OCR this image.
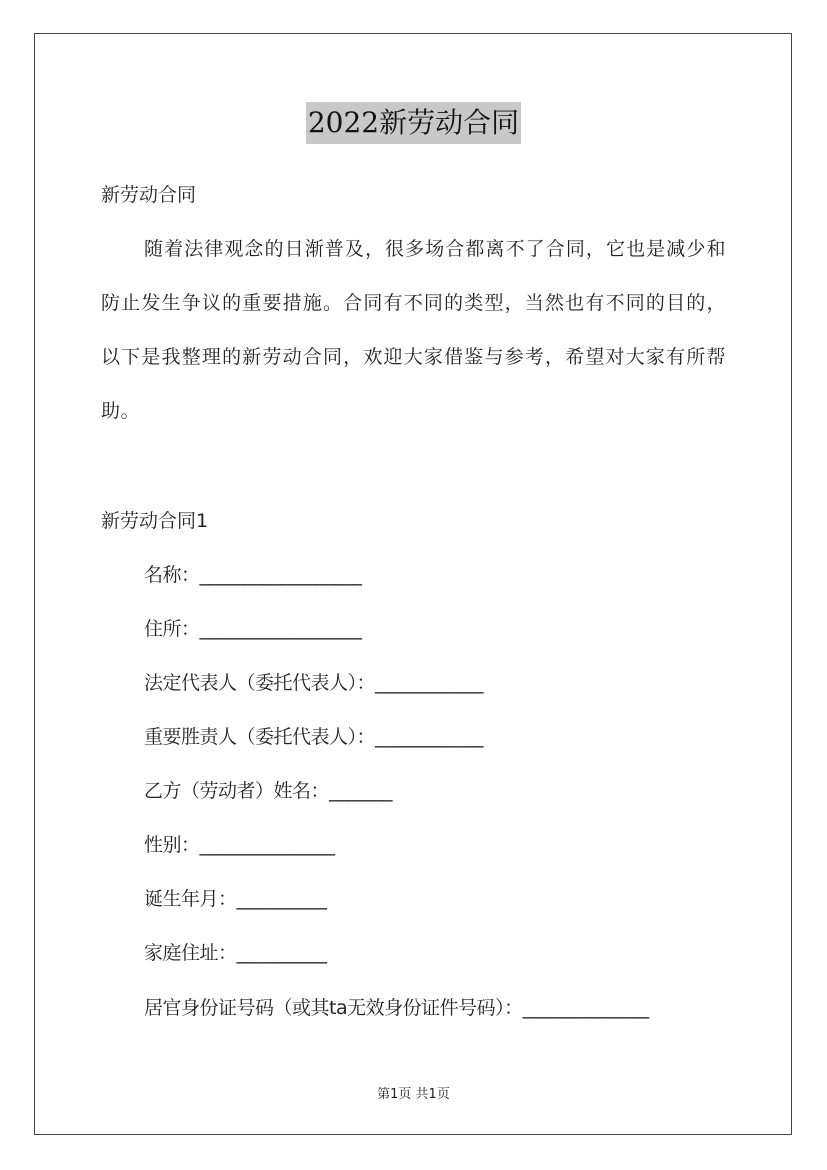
2022新劳动合同
新劳动合同
随着法律观念的日渐普及，很多场合都离不了合同，它也是减少和防止发生争议的重要措施。合同有不同的类型，当然也有不同的目的，以下是我整理的新劳动合同，欢迎大家借鉴与参考，希望对大家有所帮助。
新劳动合同1
名称：__________________
住所：__________________
法定代表人（委托代表人）：____________
重要胜责人（委托代表人）：____________
乙方（劳动者）姓名：_______
性别：_______________
诞生年月：__________
家庭住址：__________
居官身份证号码（或其ta无效身份证件号码）：______________
第1页 共1页
